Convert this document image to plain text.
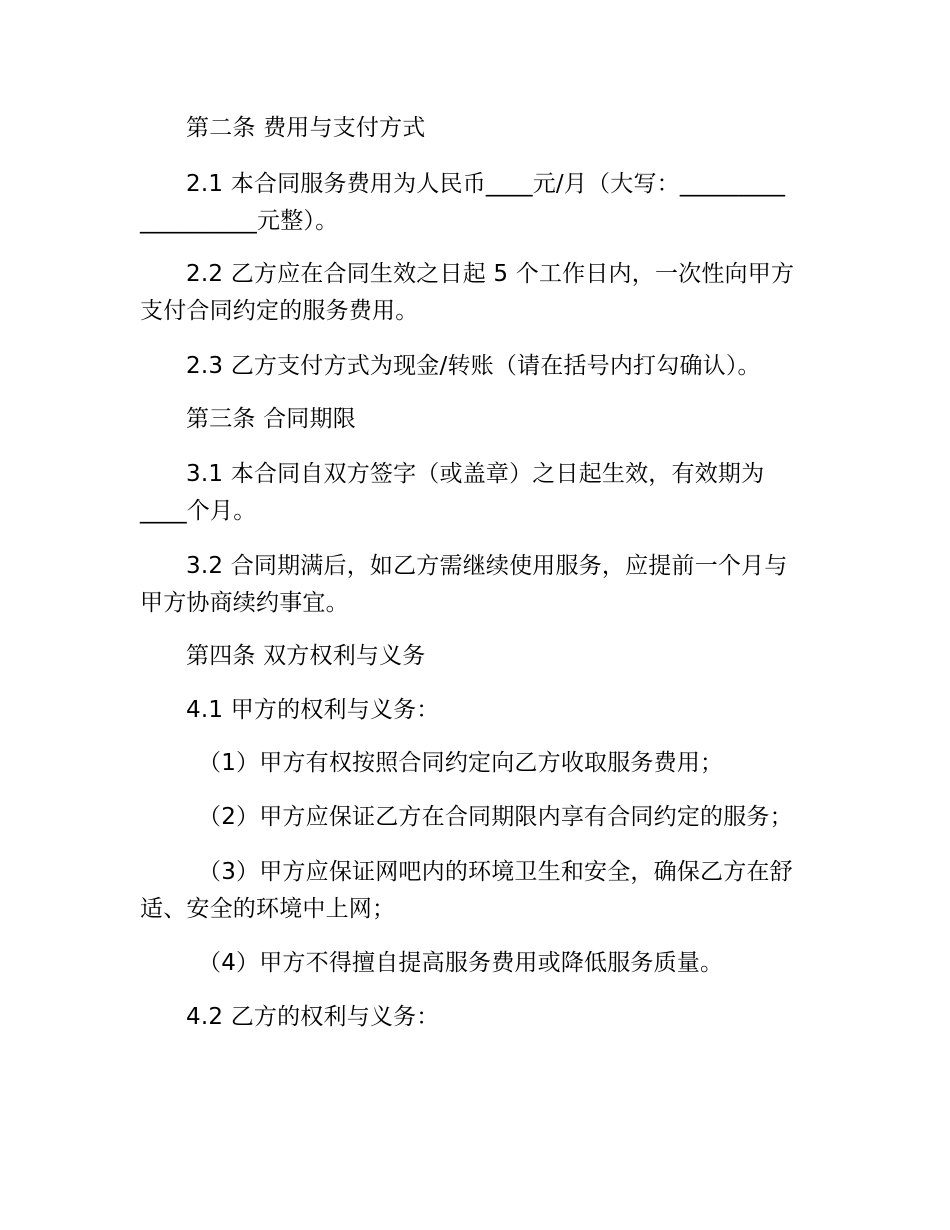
第二条 费用与支付方式

2.1 本合同服务费用为人民币____元/月（大写：_________
__________元整）。

2.2 乙方应在合同生效之日起 5 个工作日内，一次性向甲方支付合同约定的服务费用。

2.3 乙方支付方式为现金/转账（请在括号内打勾确认）。

第三条 合同期限

3.1 本合同自双方签字（或盖章）之日起生效，有效期为____个月。

3.2 合同期满后，如乙方需继续使用服务，应提前一个月与甲方协商续约事宜。

第四条 双方权利与义务

4.1 甲方的权利与义务：

（1）甲方有权按照合同约定向乙方收取服务费用；

（2）甲方应保证乙方在合同期限内享有合同约定的服务；

（3）甲方应保证网吧内的环境卫生和安全，确保乙方在舒适、安全的环境中上网；

（4）甲方不得擅自提高服务费用或降低服务质量。

4.2 乙方的权利与义务：
